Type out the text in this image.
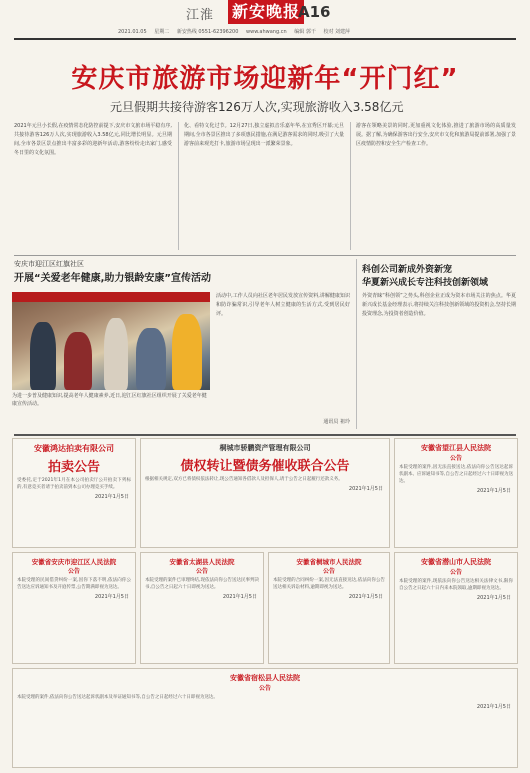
江淮 新安晚报
A16
2021.01.05 星期二 新安热线 0551-62396200 www.ahwang.cn 编辑 郭干 校对 刘建萍
安庆市旅游市场迎新年“开门红”
元旦假期共接待游客126万人次,实现旅游收入3.58亿元
2021年元旦小长假,在疫情常态化防控前提下,安庆市文旅市场平稳有序,共接待游客126万人次,实现旅游收入3.58亿元,同比增长明显。元旦期间,全市各景区景点推出丰富多彩的迎新年活动,游客纷纷走出家门,感受冬日里的文化氛围。
化、看特文化过节。12月27日,独立虚拟音乐嘉年华,在宜秀区开幕;元旦期间,全市各景区推出了多项惠民措施,在满足游客需求的同时,吸引了大量游客前来观光打卡,旅游市场呈现出一派繁荣景象。
游客在领略美景的同时,更加重视文化体验,推进了旅游市场的高质量发展。据了解,为确保游客出行安全,安庆市文化和旅游局提前部署,加强了景区疫情防控和安全生产检查工作。
安庆市迎江区红旗社区
开展“关爱老年健康,助力银龄安康”宣传活动
为进一步普及健康知识,提高老年人健康素养,近日,迎江区红旗社区组织开展了关爱老年健康宣传活动。
活动中,工作人员向社区老年居民发放宣传资料,讲解健康知识和防诈骗常识,引导老年人树立健康的生活方式,受到居民好评。
通讯员 祖玲
科创公司新成外资新宠
华夏新兴成长专注科技创新领域
外资青睐“科创领”之势头,科创企业正成为资本市场关注的焦点。华夏新兴成长基金经理表示,将持续关注科技创新领域的投资机会,坚持长期投资理念,为投资者创造价值。
安徽鸿达拍卖有限公司
拍卖公告
受委托,定于2021年1月在本公司拍卖厅公开拍卖下列标的,有意竞买者请于拍卖前到本公司办理竞买手续。
2021年1月5日
桐城市骄鹏资产管理有限公司
债权转让暨债务催收联合公告
根据相关规定,双方已将债权依法转让,现公告通知各借款人及担保人,请于公告之日起履行还款义务。
2021年1月5日
安徽省望江县人民法院
公告
本院受理的案件,因无法直接送达,依法向你公告送达起诉状副本、应诉通知书等,自公告之日起经过六十日即视为送达。
2021年1月5日
安徽省潜山市人民法院
公告
本院受理的案件,现依法向你公告送达相关法律文书,限你自公告之日起六十日内来本院领取,逾期即视为送达。
2021年1月5日
安徽省安庆市迎江区人民法院
公告
本院受理的民间借贷纠纷一案,因你下落不明,依法向你公告送达应诉通知书及开庭传票,公告期满即视为送达。
2021年1月5日
安徽省太湖县人民法院
公告
本院受理的案件已审理终结,现依法向你公告送达民事判决书,自公告之日起六十日即视为送达。
2021年1月5日
安徽省桐城市人民法院
公告
本院受理的合同纠纷一案,因无法直接送达,依法向你公告送达相关诉讼材料,逾期即视为送达。
2021年1月5日
安徽省宿松县人民法院
公告
本院受理的案件,依法向你公告送达起诉状副本及举证通知书等,自公告之日起经过六十日即视为送达。
2021年1月5日
